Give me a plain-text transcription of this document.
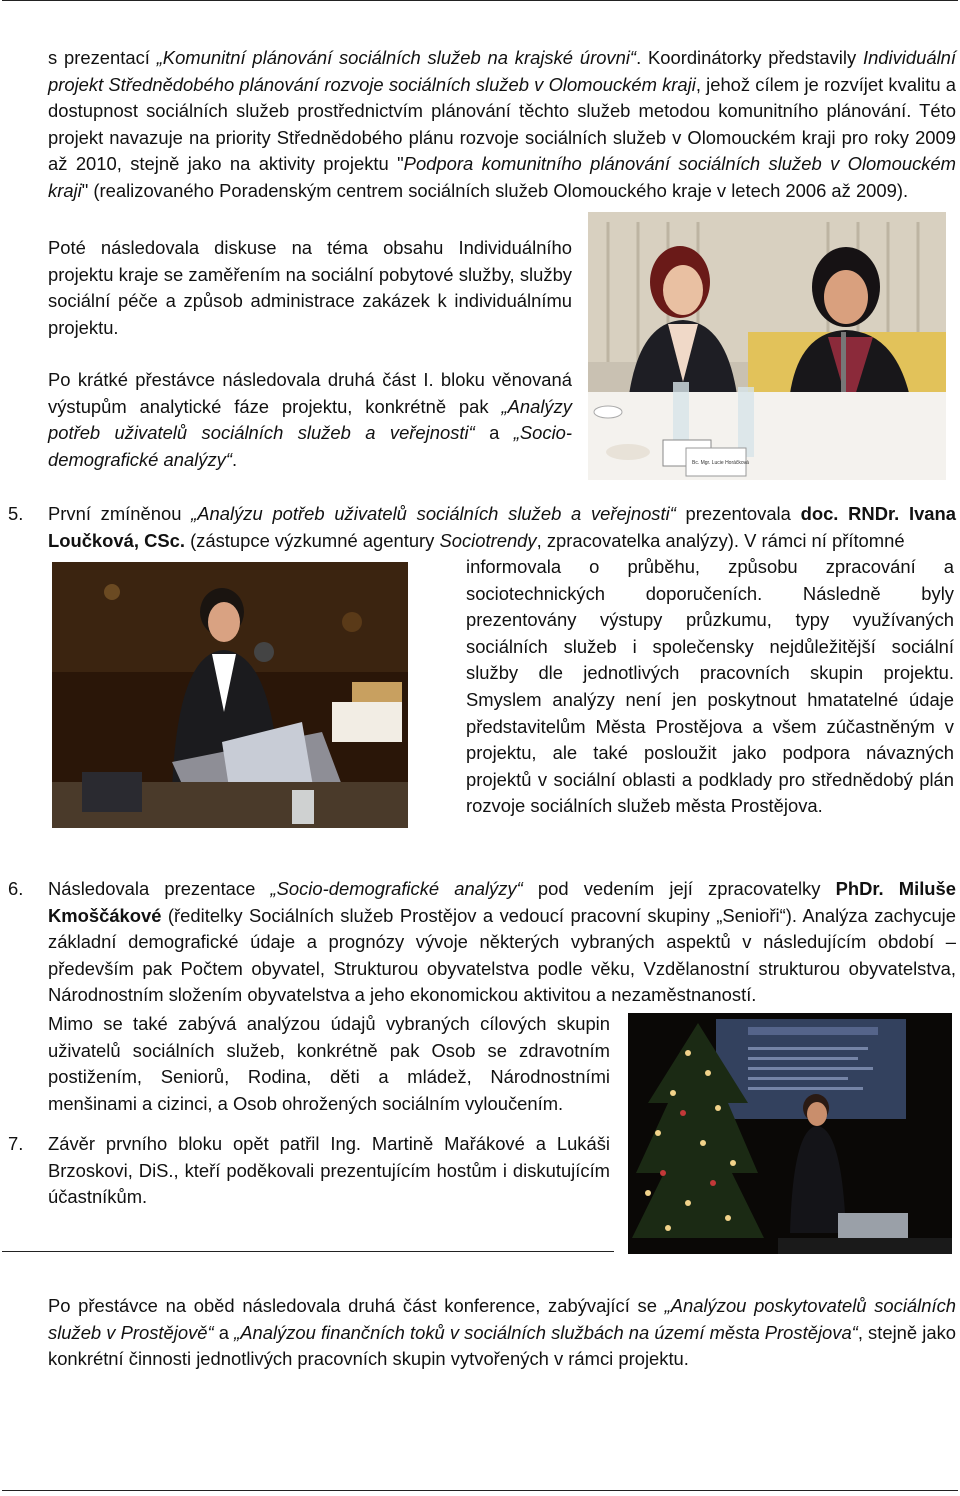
s prezentací „Komunitní plánování sociálních služeb na krajské úrovni“. Koordinátorky představily Individuální projekt Střednědobého plánování rozvoje sociálních služeb v Olomouckém kraji, jehož cílem je rozvíjet kvalitu a dostupnost sociálních služeb prostřednictvím plánování těchto služeb metodou komunitního plánování. Této projekt navazuje na priority Střednědobého plánu rozvoje sociálních služeb v Olomouckém kraji pro roky 2009 až 2010, stejně jako na aktivity projektu "Podpora komunitního plánování sociálních služeb v Olomouckém kraji" (realizovaného Poradenským centrem sociálních služeb Olomouckého kraje v letech 2006 až 2009).
Poté následovala diskuse na téma obsahu Individuálního projektu kraje se zaměřením na sociální pobytové služby, služby sociální péče a způsob administrace zakázek k individuálnímu projektu.
Po krátké přestávce následovala druhá část I. bloku věnovaná výstupům analytické fáze projektu, konkrétně pak „Analýzy potřeb uživatelů sociálních služeb a veřejnosti“ a „Socio-demografické analýzy“.	Bc. Mgr. Lucie Horáčková
5. První zmíněnou „Analýzu potřeb uživatelů sociálních služeb a veřejnosti“ prezentovala doc. RNDr. Ivana Loučková, CSc. (zástupce výzkumné agentury Sociotrendy, zpracovatelka analýzy). V rámci ní přítomné
informovala o průběhu, způsobu zpracování a sociotechnických doporučeních. Následně byly prezentovány výstupy průzkumu, typy využívaných sociálních služeb i společensky nejdůležitější sociální služby dle jednotlivých pracovních skupin projektu. Smyslem analýzy není jen poskytnout hmatatelné údaje představitelům Města Prostějova a všem zúčastněným v projektu, ale také posloužit jako podpora návazných projektů v sociální oblasti a podklady pro střednědobý plán rozvoje sociálních služeb města Prostějova.
6. Následovala prezentace „Socio-demografické analýzy“ pod vedením její zpracovatelky PhDr. Miluše Kmoščákové (ředitelky Sociálních služeb Prostějov a vedoucí pracovní skupiny „Senioři“). Analýza zachycuje základní demografické údaje a prognózy vývoje některých vybraných aspektů v následujícím období – především pak Počtem obyvatel, Strukturou obyvatelstva podle věku, Vzdělanostní strukturou obyvatelstva, Národnostním složením obyvatelstva a jeho ekonomickou aktivitou a nezaměstnaností.
Mimo se také zabývá analýzou údajů vybraných cílových skupin uživatelů sociálních služeb, konkrétně pak Osob se zdravotním postižením, Seniorů, Rodina, děti a mládež, Národnostními menšinami a cizinci, a Osob ohrožených sociálním vyloučením.
7. Závěr prvního bloku opět patřil Ing. Martině Mařákové a Lukáši Brzoskovi, DiS., kteří poděkovali prezentujícím hostům i diskutujícím účastníkům.
Po přestávce na oběd následovala druhá část konference, zabývající se „Analýzou poskytovatelů sociálních služeb v Prostějově“ a „Analýzou finančních toků v sociálních službách na území města Prostějova“, stejně jako konkrétní činnosti jednotlivých pracovních skupin vytvořených v rámci projektu.
